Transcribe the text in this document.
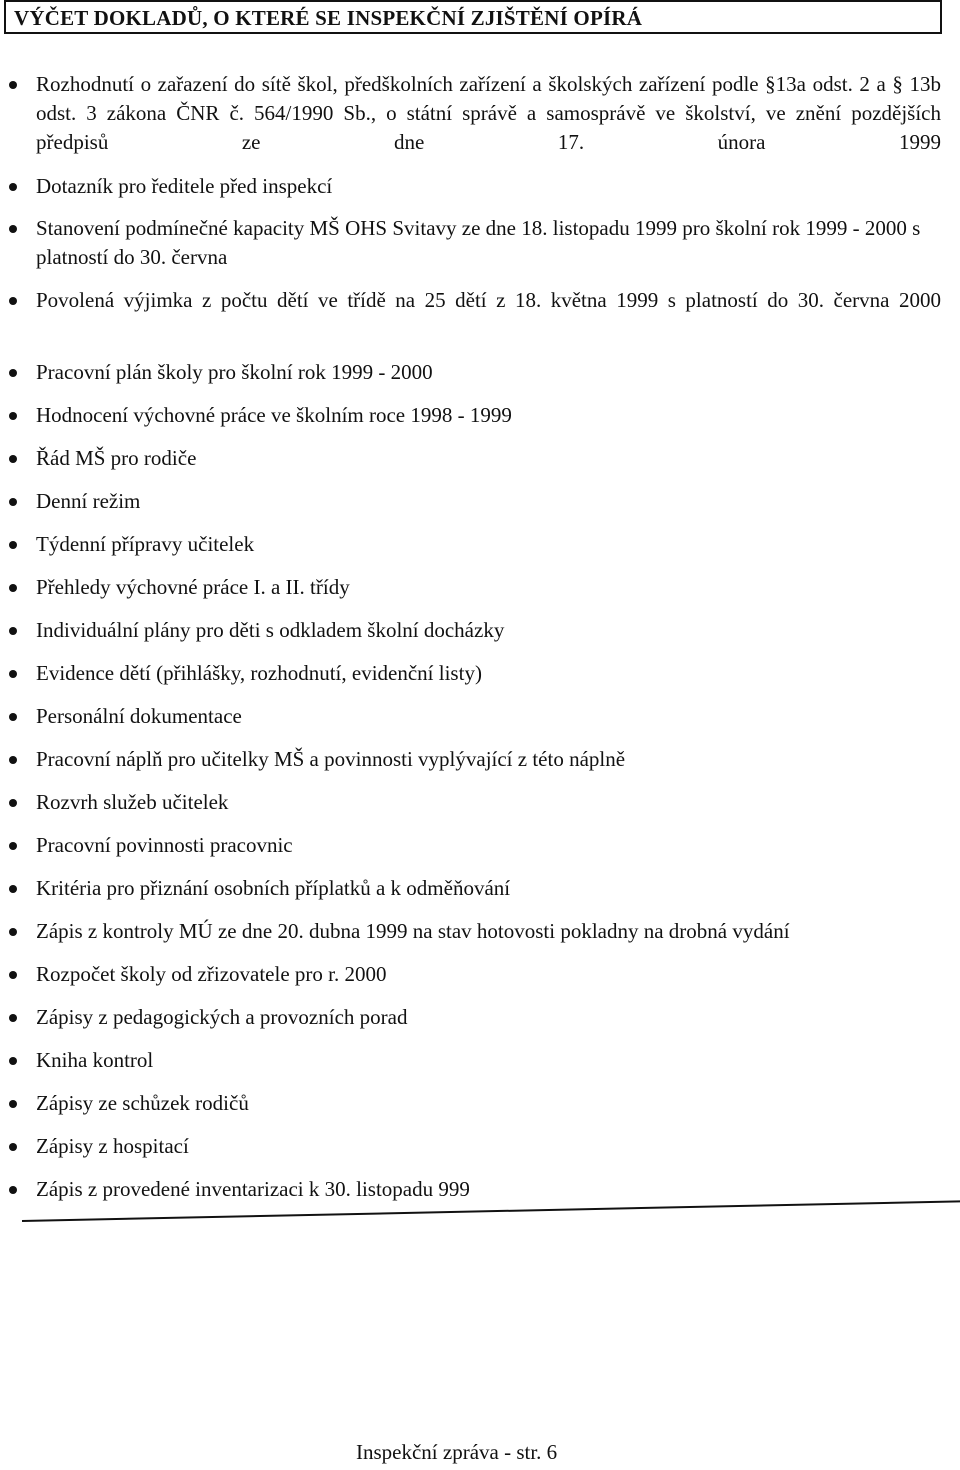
VÝČET DOKLADŮ, O KTERÉ SE INSPEKČNÍ ZJIŠTĚNÍ OPÍRÁ
Rozhodnutí o zařazení do sítě škol, předškolních zařízení a školských zařízení podle §13a odst. 2 a § 13b odst. 3 zákona ČNR č. 564/1990 Sb., o státní správě a samosprávě ve školství, ve znění pozdějších předpisů ze dne 17. února 1999
Dotazník pro ředitele před inspekcí
Stanovení podmínečné kapacity MŠ OHS Svitavy ze dne 18. listopadu 1999 pro školní rok 1999 - 2000 s platností do 30. června
Povolená výjimka z počtu dětí ve třídě na 25 dětí z 18. května 1999 s platností do 30. června 2000
Pracovní plán školy pro školní rok 1999 - 2000
Hodnocení výchovné práce ve školním roce 1998 - 1999
Řád MŠ pro rodiče
Denní režim
Týdenní přípravy učitelek
Přehledy výchovné práce I. a II. třídy
Individuální plány pro děti s odkladem školní docházky
Evidence dětí (přihlášky, rozhodnutí, evidenční listy)
Personální dokumentace
Pracovní náplň pro učitelky MŠ a povinnosti vyplývající z této náplně
Rozvrh služeb učitelek
Pracovní povinnosti pracovnic
Kritéria pro přiznání osobních příplatků a k odměňování
Zápis z kontroly MÚ ze dne 20. dubna 1999 na stav hotovosti pokladny na drobná vydání
Rozpočet školy od zřizovatele pro r. 2000
Zápisy z pedagogických a provozních porad
Kniha kontrol
Zápisy ze schůzek rodičů
Zápisy z hospitací
Zápis z provedené inventarizaci k 30. listopadu 999
Inspekční zpráva - str. 6
